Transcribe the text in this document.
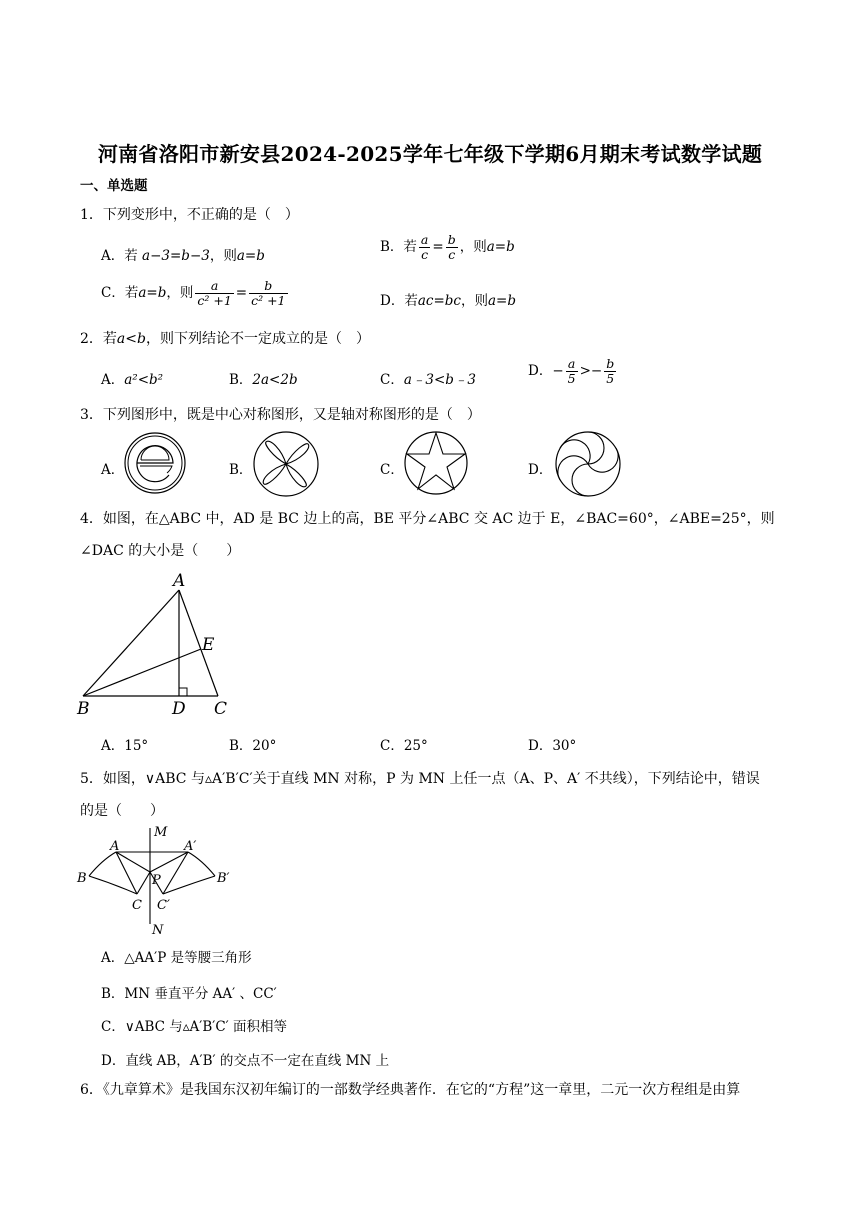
河南省洛阳市新安县2024-2025学年七年级下学期6月期末考试数学试题
一、单选题
1．下列变形中，不正确的是（　）
A．若 a−3=b−3，则a=b
B．若 $\frac{a}{c} = \frac{b}{c}$ ，则a=b
C．若a=b，则 $\frac{a}{\text{c² +1}} = \frac{b}{\text{c² +1}}$	D．若ac=bc，则a=b
2．若a<b，则下列结论不一定成立的是（　）
A．a²<b²	B．2a<2b	C．a﹣3<b﹣3
D．− $\frac{a}{5} >- \frac{b}{5}$
3．下列图形中，既是中心对称图形，又是轴对称图形的是（　）
A．	B．	C．	D．
4．如图，在△ABC 中，AD 是 BC 边上的高，BE 平分∠ABC 交 AC 边于 E，∠BAC=60°，∠ABE=25°，则
∠DAC 的大小是（　　）
A
E
B	D C
A．15°	B．20°	C．25°	D．30°
5．如图，∨ABC 与▵A′B′C′关于直线 MN 对称，P 为 MN 上任一点（A、P、A′ 不共线），下列结论中，错误
的是（　　）
M
N
A	A′
B	B′
P
C C′
A．△AA′P 是等腰三角形
B．MN 垂直平分 AA′ 、CC′
C．∨ABC 与▵A′B′C′ 面积相等
D．直线 AB，A′B′ 的交点不一定在直线 MN 上
6．《九章算术》是我国东汉初年编订的一部数学经典著作．在它的“方程”这一章里，二元一次方程组是由算
